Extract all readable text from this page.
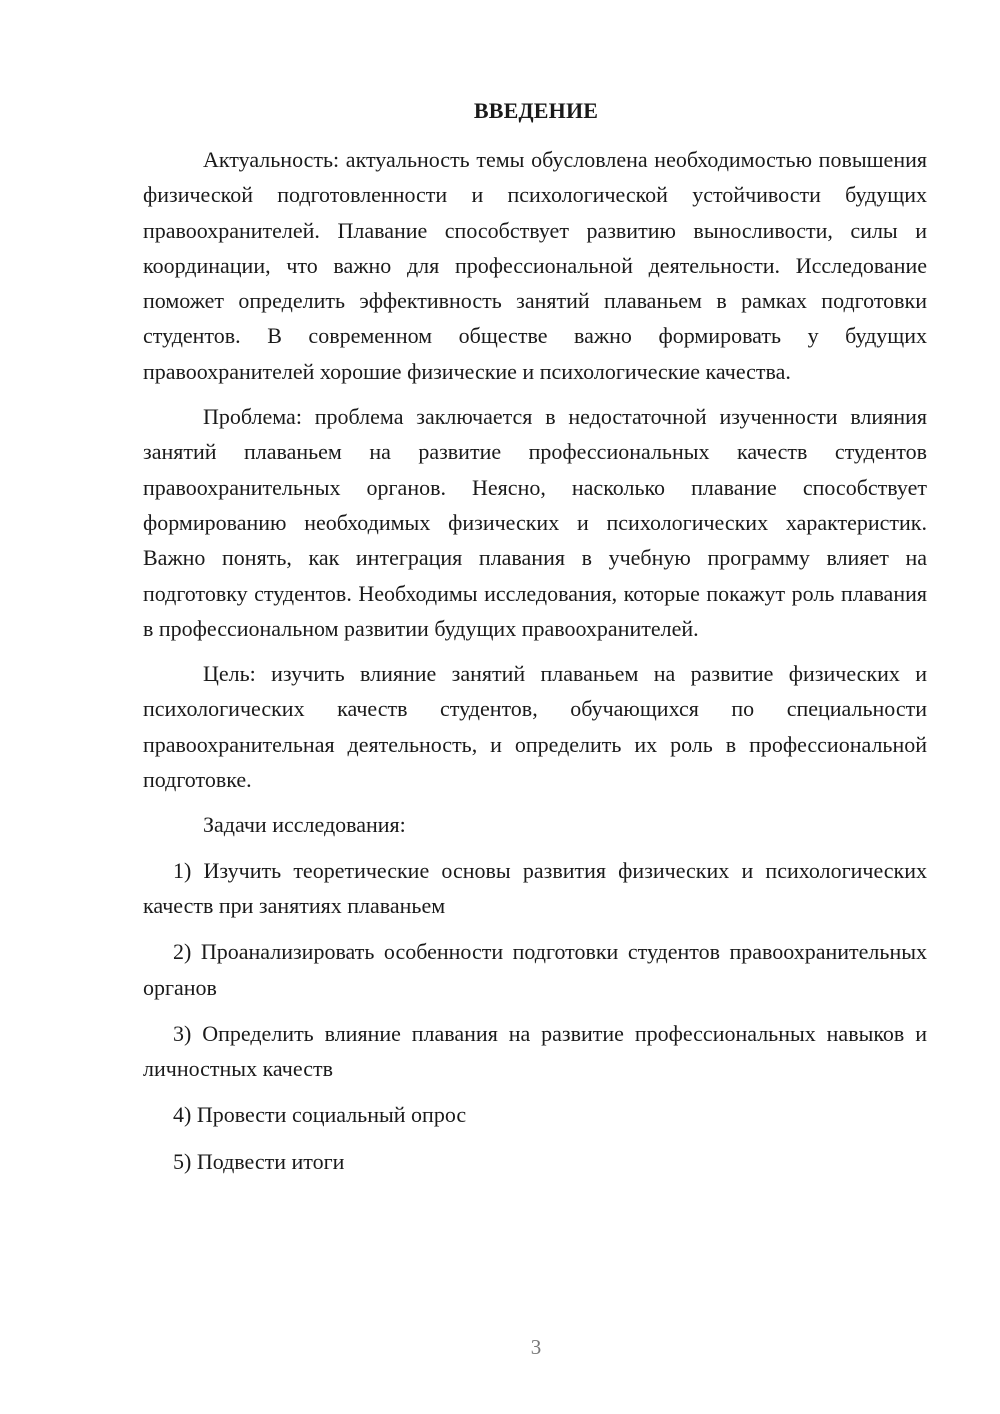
ВВЕДЕНИЕ

Актуальность: актуальность темы обусловлена необходимостью повышения физической подготовленности и психологической устойчивости будущих правоохранителей. Плавание способствует развитию выносливости, силы и координации, что важно для профессиональной деятельности. Исследование поможет определить эффективность занятий плаваньем в рамках подготовки студентов. В современном обществе важно формировать у будущих правоохранителей хорошие физические и психологические качества.

Проблема: проблема заключается в недостаточной изученности влияния занятий плаваньем на развитие профессиональных качеств студентов правоохранительных органов. Неясно, насколько плавание способствует формированию необходимых физических и психологических характеристик. Важно понять, как интеграция плавания в учебную программу влияет на подготовку студентов. Необходимы исследования, которые покажут роль плавания в профессиональном развитии будущих правоохранителей.

Цель: изучить влияние занятий плаваньем на развитие физических и психологических качеств студентов, обучающихся по специальности правоохранительная деятельность, и определить их роль в профессиональной подготовке.

Задачи исследования:

1) Изучить теоретические основы развития физических и психологических качеств при занятиях плаваньем

2) Проанализировать особенности подготовки студентов правоохранительных органов

3) Определить влияние плавания на развитие профессиональных навыков и личностных качеств

4) Провести социальный опрос

5) Подвести итоги

3
